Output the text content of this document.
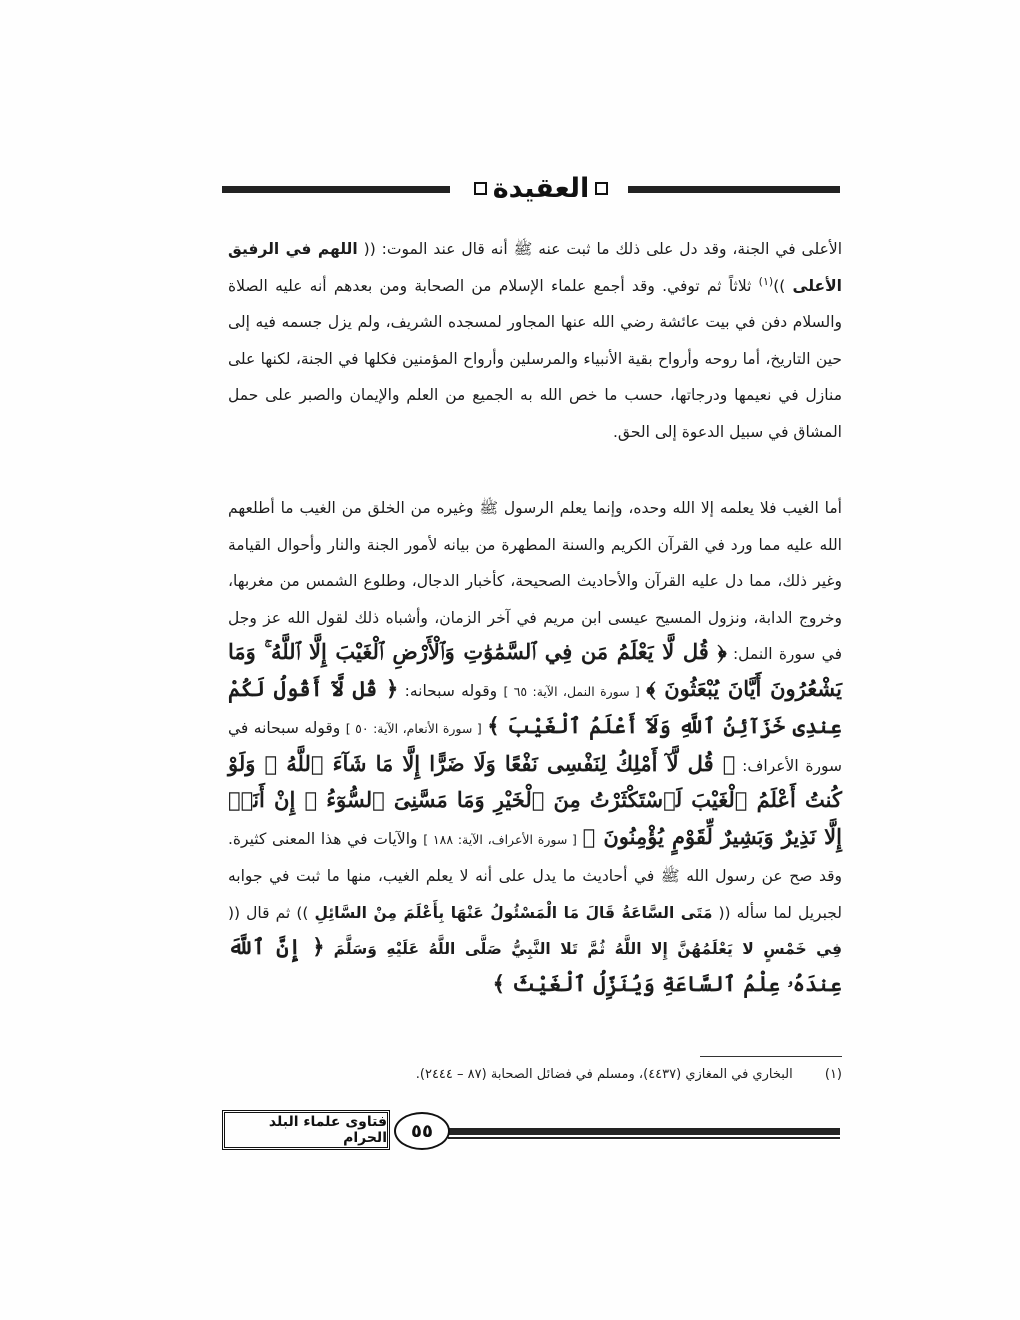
العقيدة

الأعلى في الجنة، وقد دل على ذلك ما ثبت عنه ﷺ أنه قال عند الموت: (( اللهم في الرفيق الأعلى ))$^{(١)}$ ثلاثاً ثم توفي. وقد أجمع علماء الإسلام من الصحابة ومن بعدهم أنه عليه الصلاة والسلام دفن في بيت عائشة رضي الله عنها المجاور لمسجده الشريف، ولم يزل جسمه فيه إلى حين التاريخ، أما روحه وأرواح بقية الأنبياء والمرسلين وأرواح المؤمنين فكلها في الجنة، لكنها على منازل في نعيمها ودرجاتها، حسب ما خص الله به الجميع من العلم والإيمان والصبر على حمل المشاق في سبيل الدعوة إلى الحق.

أما الغيب فلا يعلمه إلا الله وحده، وإنما يعلم الرسول ﷺ وغيره من الخلق من الغيب ما أطلعهم الله عليه مما ورد في القرآن الكريم والسنة المطهرة من بيانه لأمور الجنة والنار وأحوال القيامة وغير ذلك، مما دل عليه القرآن والأحاديث الصحيحة، كأخبار الدجال، وطلوع الشمس من مغربها، وخروج الدابة، ونزول المسيح عيسى ابن مريم في آخر الزمان، وأشباه ذلك لقول الله عز وجل في سورة النمل: ﴿ قُل لَّا يَعْلَمُ مَن فِي ٱلسَّمَٰوَٰتِ وَٱلْأَرْضِ ٱلْغَيْبَ إِلَّا ٱللَّهُ ۚ وَمَا يَشْعُرُونَ أَيَّانَ يُبْعَثُونَ ﴾ [ سورة النمل، الآية: ٦٥ ] وقوله سبحانه: ﴿ قُل لَّآ أَقُولُ لَكُمْ عِندِى خَزَآئِنُ ٱللَّهِ وَلَآ أَعْلَمُ ٱلْغَيْبَ ﴾ [ سورة الأنعام، الآية: ٥٠ ] وقوله سبحانه في سورة الأعراف: ﴿ قُل لَّآ أَمْلِكُ لِنَفْسِى نَفْعًا وَلَا ضَرًّا إِلَّا مَا شَآءَ ٱللَّهُ ۚ وَلَوْ كُنتُ أَعْلَمُ ٱلْغَيْبَ لَٱسْتَكْثَرْتُ مِنَ ٱلْخَيْرِ وَمَا مَسَّنِىَ ٱلسُّوٓءُ ۚ إِنْ أَنَا۠ إِلَّا نَذِيرٌ وَبَشِيرٌ لِّقَوْمٍ يُؤْمِنُونَ ﴾ [ سورة الأعراف، الآية: ١٨٨ ] والآيات في هذا المعنى كثيرة. وقد صح عن رسول الله ﷺ في أحاديث ما يدل على أنه لا يعلم الغيب، منها ما ثبت في جوابه لجبريل لما سأله (( مَتَى السَّاعَةُ قَالَ مَا الْمَسْئُولُ عَنْهَا بِأَعْلَمَ مِنْ السَّائِلِ )) ثم قال (( فِي خَمْسٍ لا يَعْلَمُهُنَّ إِلا اللَّهُ ثُمَّ تَلا النَّبِيُّ صَلَّى اللَّهُ عَلَيْهِ وَسَلَّمَ ﴿ إِنَّ ٱللَّهَ عِندَهُۥ عِلْمُ ٱلسَّاعَةِ وَيُنَزِّلُ ٱلْغَيْثَ ﴾

(١) البخاري في المغازي (٤٤٣٧)، ومسلم في فضائل الصحابة (٨٧ – ٢٤٤٤).
فتاوى علماء البلد الحرام ٥٥
